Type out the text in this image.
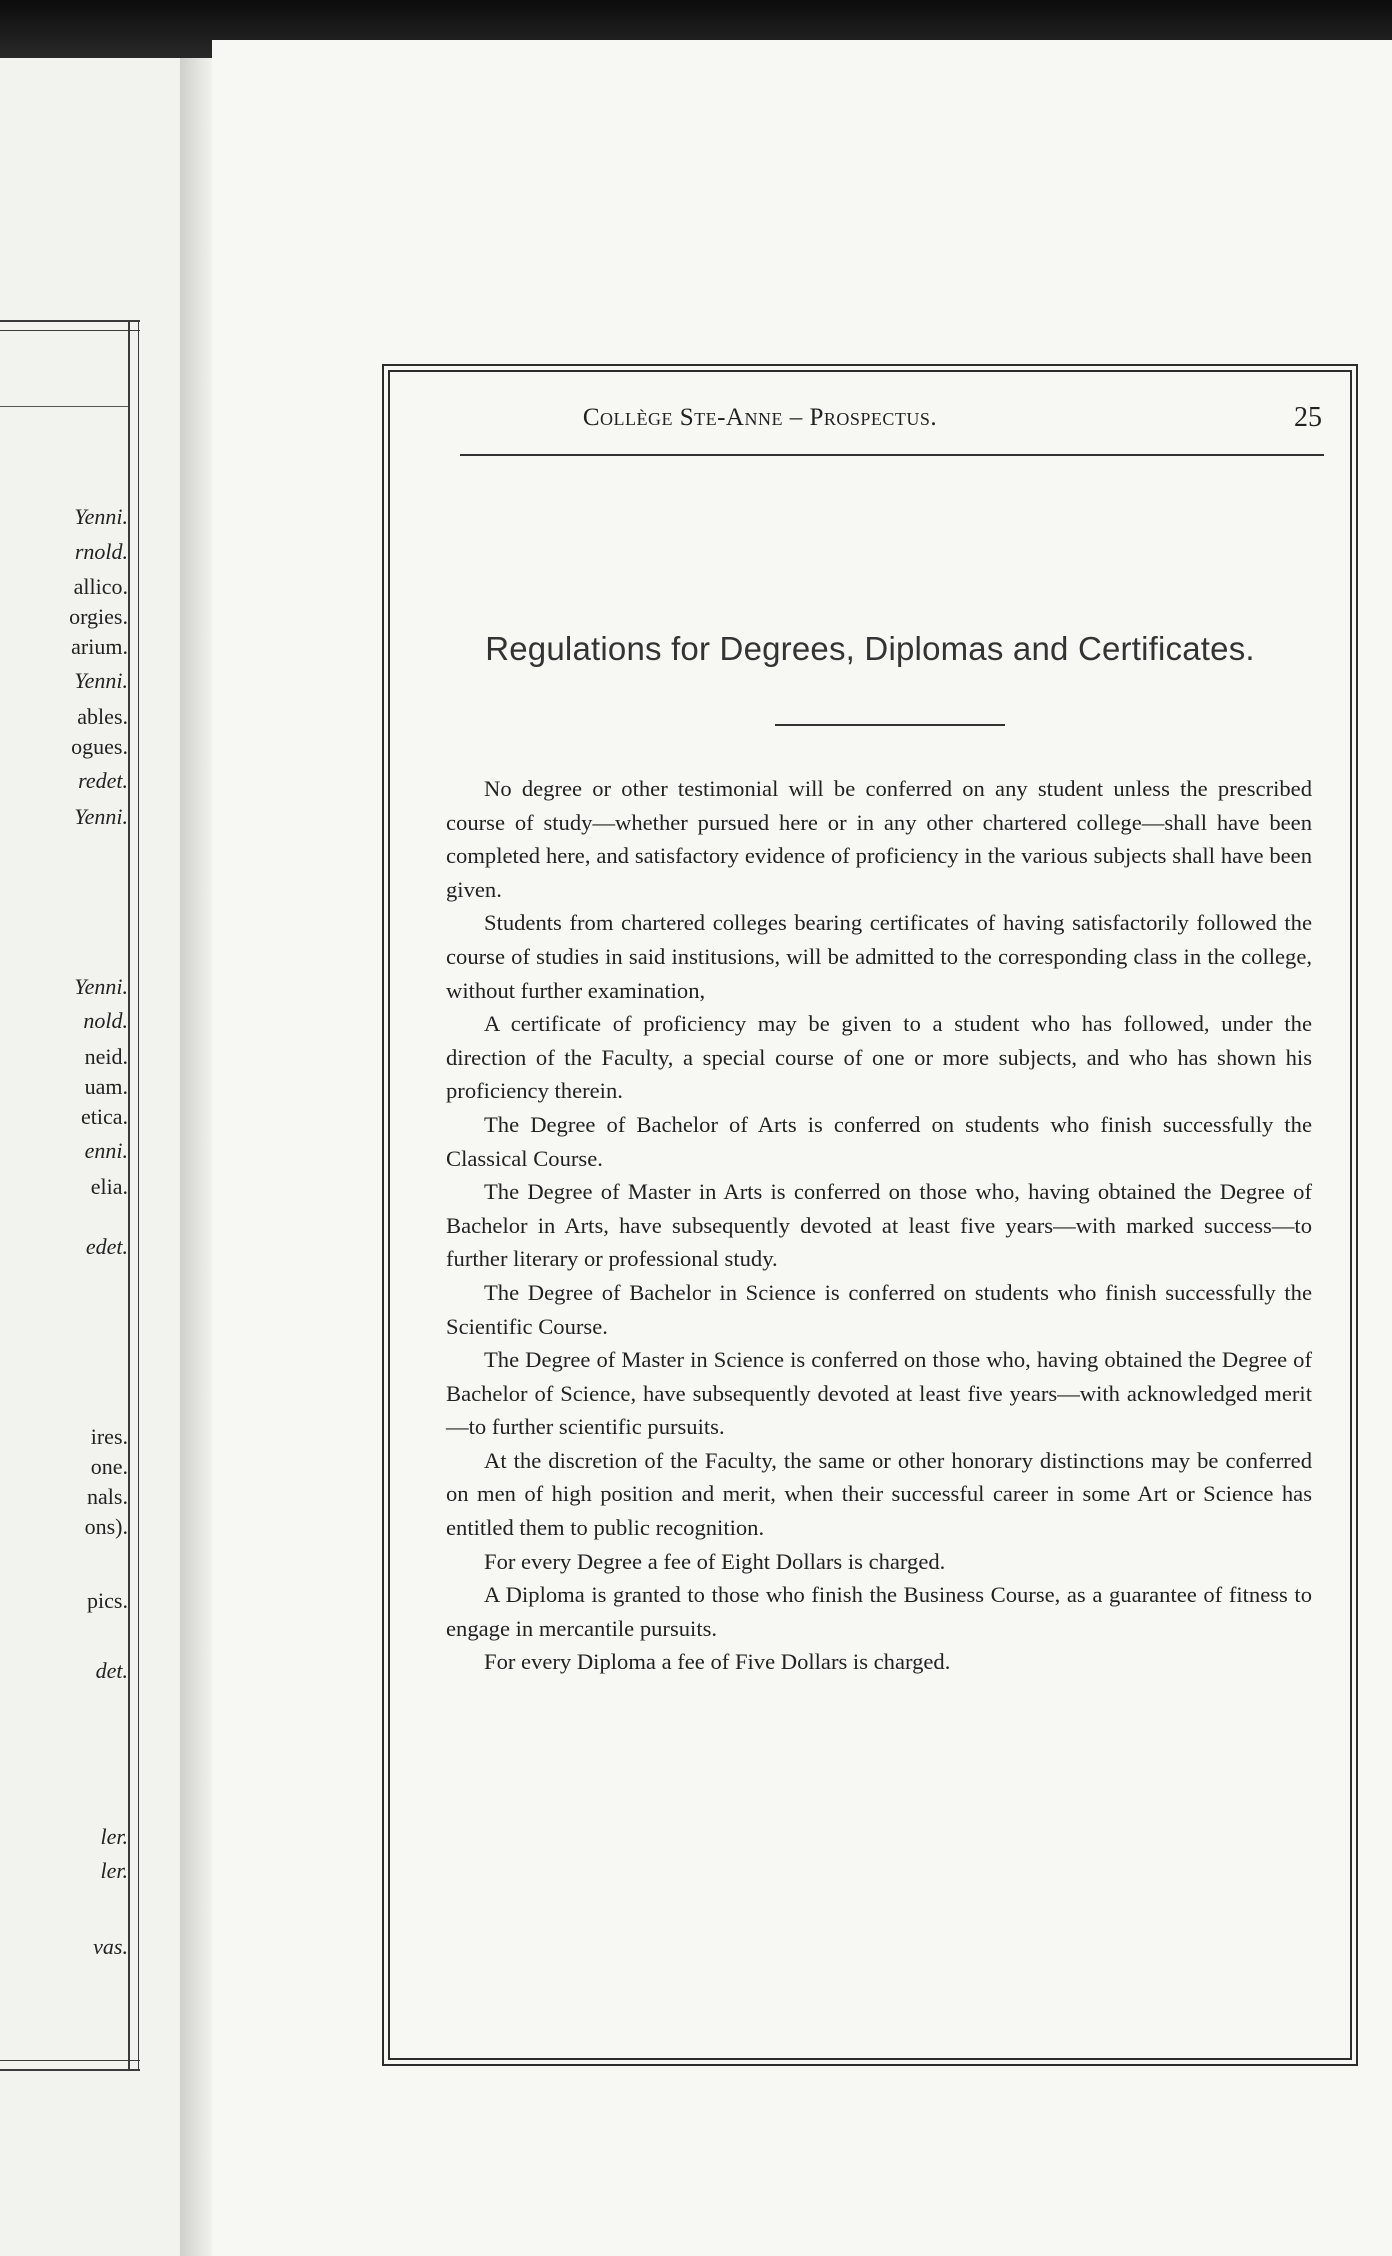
Yenni.
rnold.
allico.
orgies.
arium.
Yenni.
ables.
ogues.
redet.
Yenni.
Yenni.
nold.
neid.
uam.
etica.
enni.
elia.
edet.
ires.
one.
nals.
ons).
pics.
det.
ler.
ler.
vas.
Collège Ste-Anne – Prospectus.	25
Regulations for Degrees, Diplomas and Certificates.

No degree or other testimonial will be conferred on any student unless the prescribed course of study—whether pursued here or in any other chartered college—shall have been completed here, and satisfactory evidence of proficiency in the various subjects shall have been given.

Students from chartered colleges bearing certificates of having satisfactorily followed the course of studies in said institusions, will be admitted to the corresponding class in the college, without further examination,

A certificate of proficiency may be given to a student who has followed, under the direction of the Faculty, a special course of one or more subjects, and who has shown his proficiency therein.

The Degree of Bachelor of Arts is conferred on students who finish successfully the Classical Course.

The Degree of Master in Arts is conferred on those who, having obtained the Degree of Bachelor in Arts, have subsequently devoted at least five years—with marked success—to further literary or professional study.

The Degree of Bachelor in Science is conferred on students who finish successfully the Scientific Course.

The Degree of Master in Science is conferred on those who, having obtained the Degree of Bachelor of Science, have subsequently devoted at least five years—with acknowledged merit—to further scientific pursuits.

At the discretion of the Faculty, the same or other honorary distinctions may be conferred on men of high position and merit, when their successful career in some Art or Science has entitled them to public recognition.

For every Degree a fee of Eight Dollars is charged.

A Diploma is granted to those who finish the Business Course, as a guarantee of fitness to engage in mercantile pursuits.

For every Diploma a fee of Five Dollars is charged.
